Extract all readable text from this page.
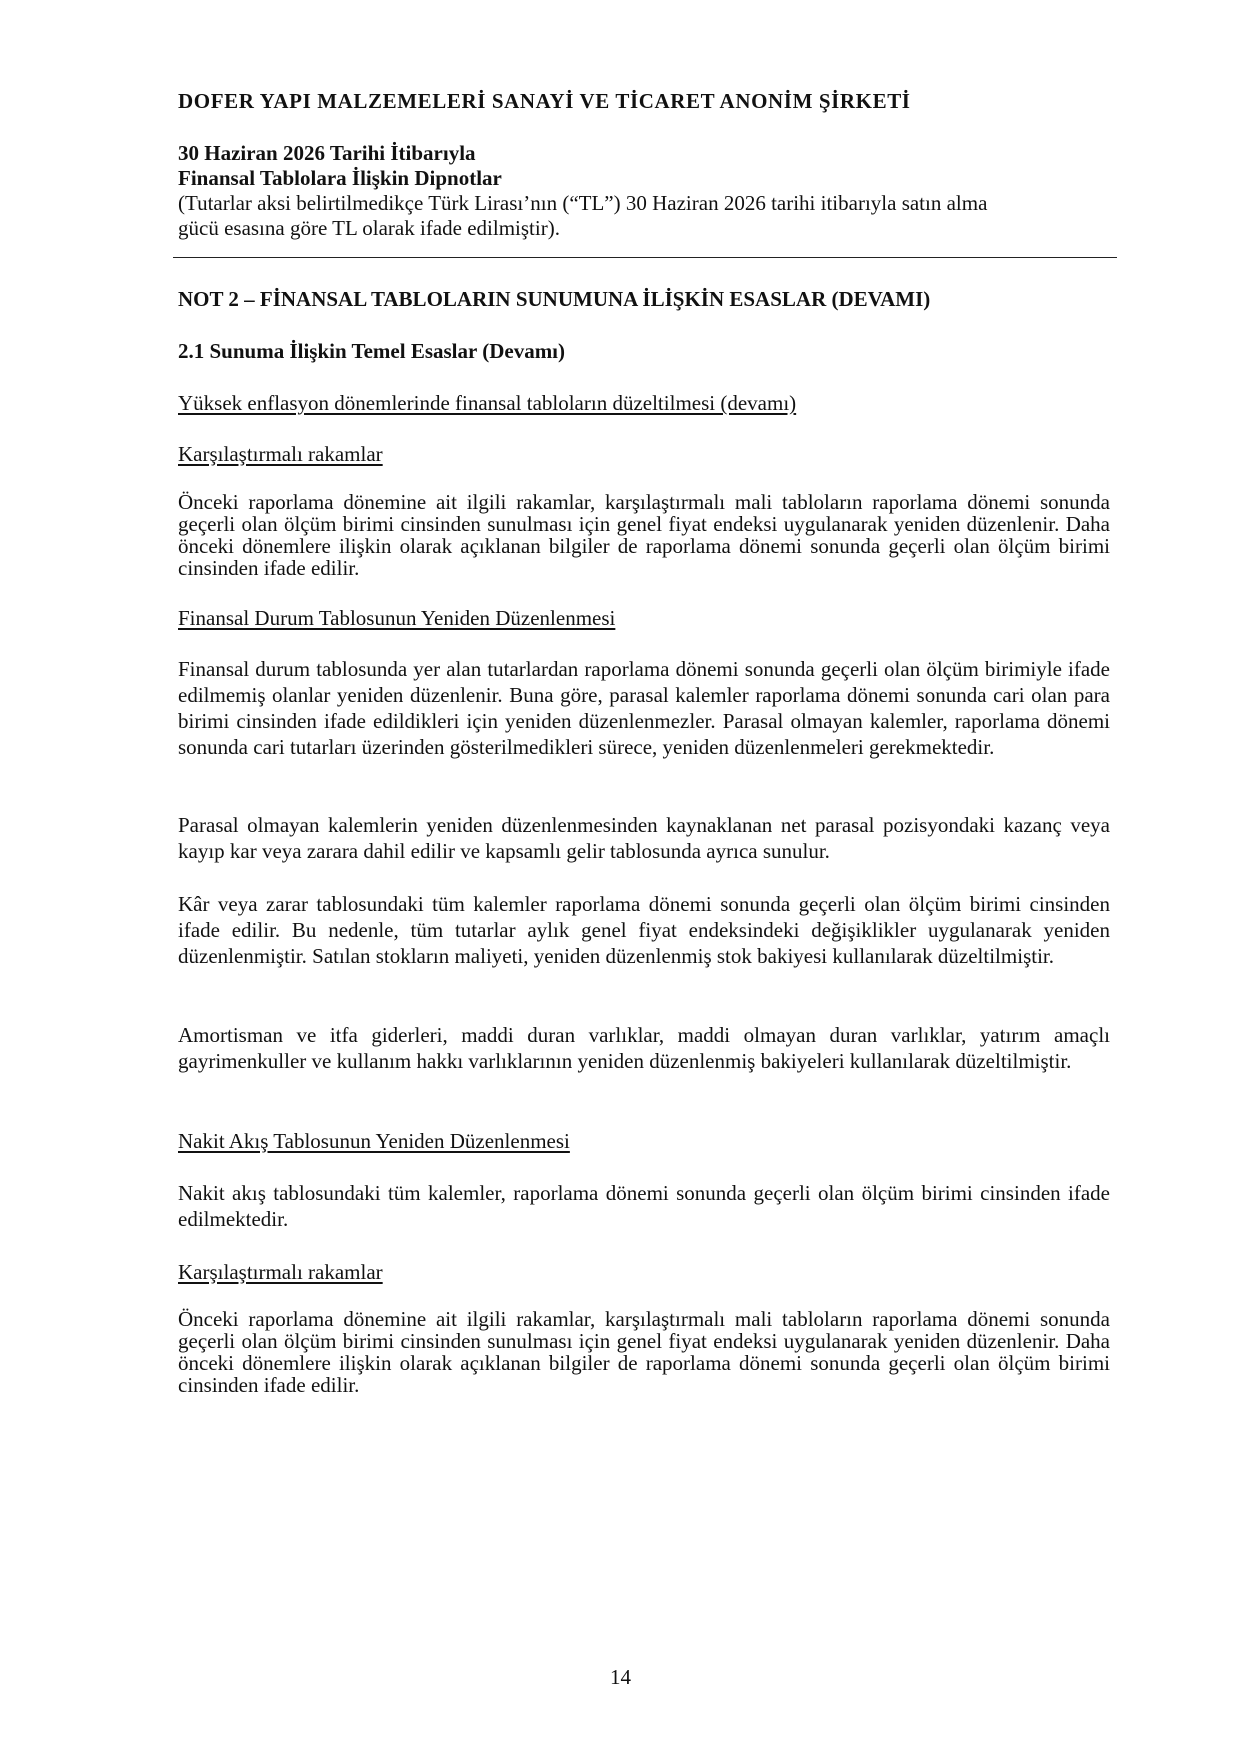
DOFER YAPI MALZEMELERİ SANAYİ VE TİCARET ANONİM ŞİRKETİ
30 Haziran 2026 Tarihi İtibarıyla
Finansal Tablolara İlişkin Dipnotlar
(Tutarlar aksi belirtilmedikçe Türk Lirası’nın (“TL”) 30 Haziran 2026 tarihi itibarıyla satın alma
gücü esasına göre TL olarak ifade edilmiştir).
NOT 2 – FİNANSAL TABLOLARIN SUNUMUNA İLİŞKİN ESASLAR (DEVAMI)
2.1 Sunuma İlişkin Temel Esaslar (Devamı)
Yüksek enflasyon dönemlerinde finansal tabloların düzeltilmesi (devamı)
Karşılaştırmalı rakamlar
Önceki raporlama dönemine ait ilgili rakamlar, karşılaştırmalı mali tabloların raporlama dönemi sonunda geçerli olan ölçüm birimi cinsinden sunulması için genel fiyat endeksi uygulanarak yeniden düzenlenir. Daha önceki dönemlere ilişkin olarak açıklanan bilgiler de raporlama dönemi sonunda geçerli olan ölçüm birimi cinsinden ifade edilir.
Finansal Durum Tablosunun Yeniden Düzenlenmesi
Finansal durum tablosunda yer alan tutarlardan raporlama dönemi sonunda geçerli olan ölçüm birimiyle ifade edilmemiş olanlar yeniden düzenlenir. Buna göre, parasal kalemler raporlama dönemi sonunda cari olan para birimi cinsinden ifade edildikleri için yeniden düzenlenmezler. Parasal olmayan kalemler, raporlama dönemi sonunda cari tutarları üzerinden gösterilmedikleri sürece, yeniden düzenlenmeleri gerekmektedir.
Parasal olmayan kalemlerin yeniden düzenlenmesinden kaynaklanan net parasal pozisyondaki kazanç veya kayıp kar veya zarara dahil edilir ve kapsamlı gelir tablosunda ayrıca sunulur.
Kâr veya zarar tablosundaki tüm kalemler raporlama dönemi sonunda geçerli olan ölçüm birimi cinsinden ifade edilir. Bu nedenle, tüm tutarlar aylık genel fiyat endeksindeki değişiklikler uygulanarak yeniden düzenlenmiştir. Satılan stokların maliyeti, yeniden düzenlenmiş stok bakiyesi kullanılarak düzeltilmiştir.
Amortisman ve itfa giderleri, maddi duran varlıklar, maddi olmayan duran varlıklar, yatırım amaçlı gayrimenkuller ve kullanım hakkı varlıklarının yeniden düzenlenmiş bakiyeleri kullanılarak düzeltilmiştir.
Nakit Akış Tablosunun Yeniden Düzenlenmesi
Nakit akış tablosundaki tüm kalemler, raporlama dönemi sonunda geçerli olan ölçüm birimi cinsinden ifade edilmektedir.
Karşılaştırmalı rakamlar
Önceki raporlama dönemine ait ilgili rakamlar, karşılaştırmalı mali tabloların raporlama dönemi sonunda geçerli olan ölçüm birimi cinsinden sunulması için genel fiyat endeksi uygulanarak yeniden düzenlenir. Daha önceki dönemlere ilişkin olarak açıklanan bilgiler de raporlama dönemi sonunda geçerli olan ölçüm birimi cinsinden ifade edilir.
14
